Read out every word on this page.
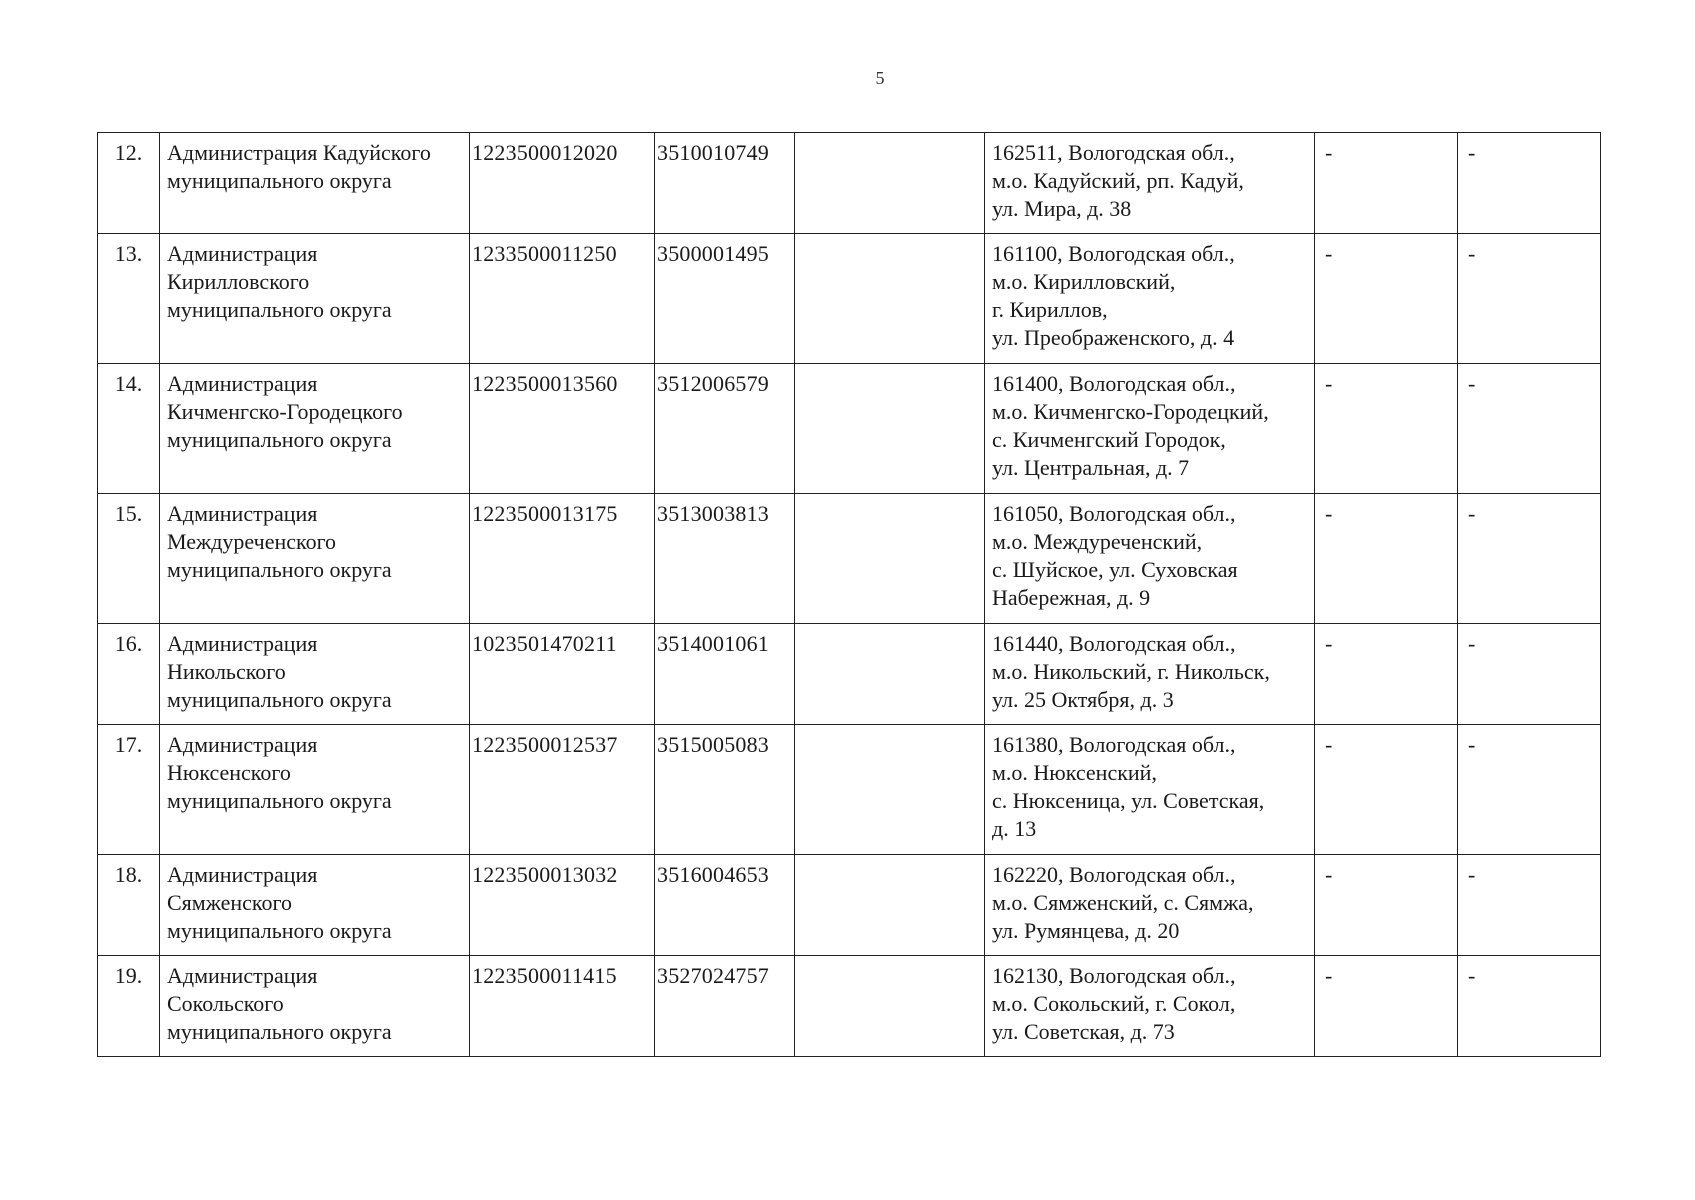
5
12.	Администрация Кадуйского
муниципального округа	1223500012020	3510010749		162511, Вологодская обл.,
м.о. Кадуйский, рп. Кадуй,
ул. Мира, д. 38	-	-
13.	Администрация
Кирилловского
муниципального округа	1233500011250	3500001495		161100, Вологодская обл.,
м.о. Кирилловский,
г. Кириллов,
ул. Преображенского, д. 4	-	-
14.	Администрация
Кичменгско-Городецкого
муниципального округа	1223500013560	3512006579		161400, Вологодская обл.,
м.о. Кичменгско-Городецкий,
с. Кичменгский Городок,
ул. Центральная, д. 7	-	-
15.	Администрация
Междуреченского
муниципального округа	1223500013175	3513003813		161050, Вологодская обл.,
м.о. Междуреченский,
с. Шуйское, ул. Суховская
Набережная, д. 9	-	-
16.	Администрация
Никольского
муниципального округа	1023501470211	3514001061		161440, Вологодская обл.,
м.о. Никольский, г. Никольск,
ул. 25 Октября, д. 3	-	-
17.	Администрация
Нюксенского
муниципального округа	1223500012537	3515005083		161380, Вологодская обл.,
м.о. Нюксенский,
с. Нюксеница, ул. Советская,
д. 13	-	-
18.	Администрация
Сямженского
муниципального округа	1223500013032	3516004653		162220, Вологодская обл.,
м.о. Сямженский, с. Сямжа,
ул. Румянцева, д. 20	-	-
19.	Администрация
Сокольского
муниципального округа	1223500011415	3527024757		162130, Вологодская обл.,
м.о. Сокольский, г. Сокол,
ул. Советская, д. 73	-	-
